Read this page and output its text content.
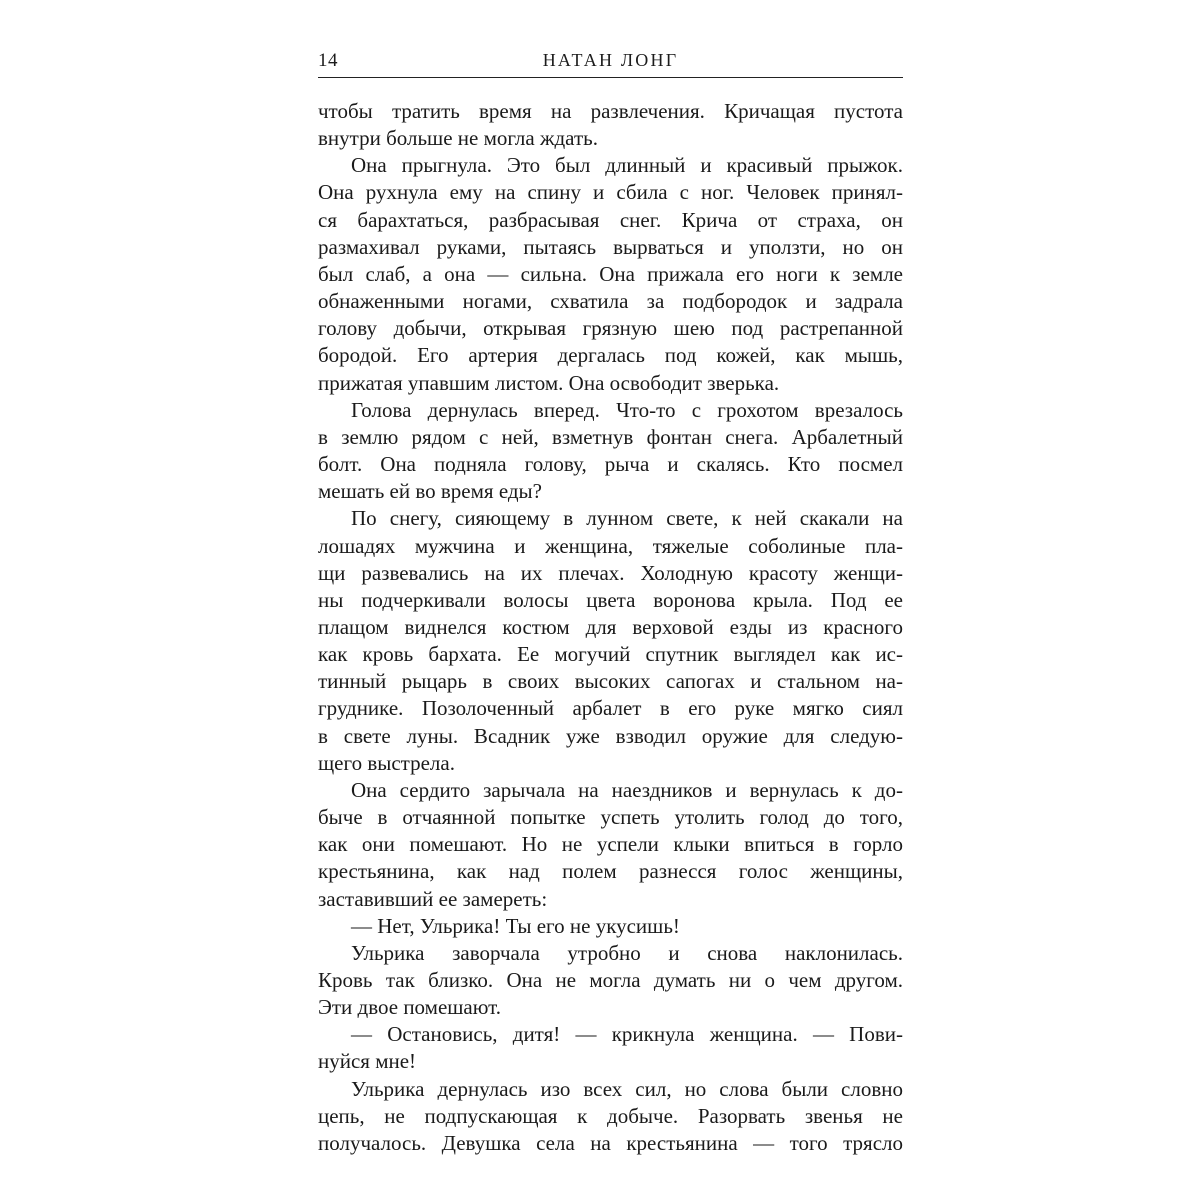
14	НАТАН ЛОНГ
чтобы тратить время на развлечения. Кричащая пустота
внутри больше не могла ждать.
Она прыгнула. Это был длинный и красивый прыжок.
Она рухнула ему на спину и сбила с ног. Человек принял-
ся барахтаться, разбрасывая снег. Крича от страха, он
размахивал руками, пытаясь вырваться и уползти, но он
был слаб, а она — сильна. Она прижала его ноги к земле
обнаженными ногами, схватила за подбородок и задрала
голову добычи, открывая грязную шею под растрепанной
бородой. Его артерия дергалась под кожей, как мышь,
прижатая упавшим листом. Она освободит зверька.
Голова дернулась вперед. Что-то с грохотом врезалось
в землю рядом с ней, взметнув фонтан снега. Арбалетный
болт. Она подняла голову, рыча и скалясь. Кто посмел
мешать ей во время еды?
По снегу, сияющему в лунном свете, к ней скакали на
лошадях мужчина и женщина, тяжелые соболиные пла-
щи развевались на их плечах. Холодную красоту женщи-
ны подчеркивали волосы цвета воронова крыла. Под ее
плащом виднелся костюм для верховой езды из красного
как кровь бархата. Ее могучий спутник выглядел как ис-
тинный рыцарь в своих высоких сапогах и стальном на-
груднике. Позолоченный арбалет в его руке мягко сиял
в свете луны. Всадник уже взводил оружие для следую-
щего выстрела.
Она сердито зарычала на наездников и вернулась к до-
быче в отчаянной попытке успеть утолить голод до того,
как они помешают. Но не успели клыки впиться в горло
крестьянина, как над полем разнесся голос женщины,
заставивший ее замереть:
— Нет, Ульрика! Ты его не укусишь!
Ульрика заворчала утробно и снова наклонилась.
Кровь так близко. Она не могла думать ни о чем другом.
Эти двое помешают.
— Остановись, дитя! — крикнула женщина. — Пови-
нуйся мне!
Ульрика дернулась изо всех сил, но слова были словно
цепь, не подпускающая к добыче. Разорвать звенья не
получалось. Девушка села на крестьянина — того трясло
